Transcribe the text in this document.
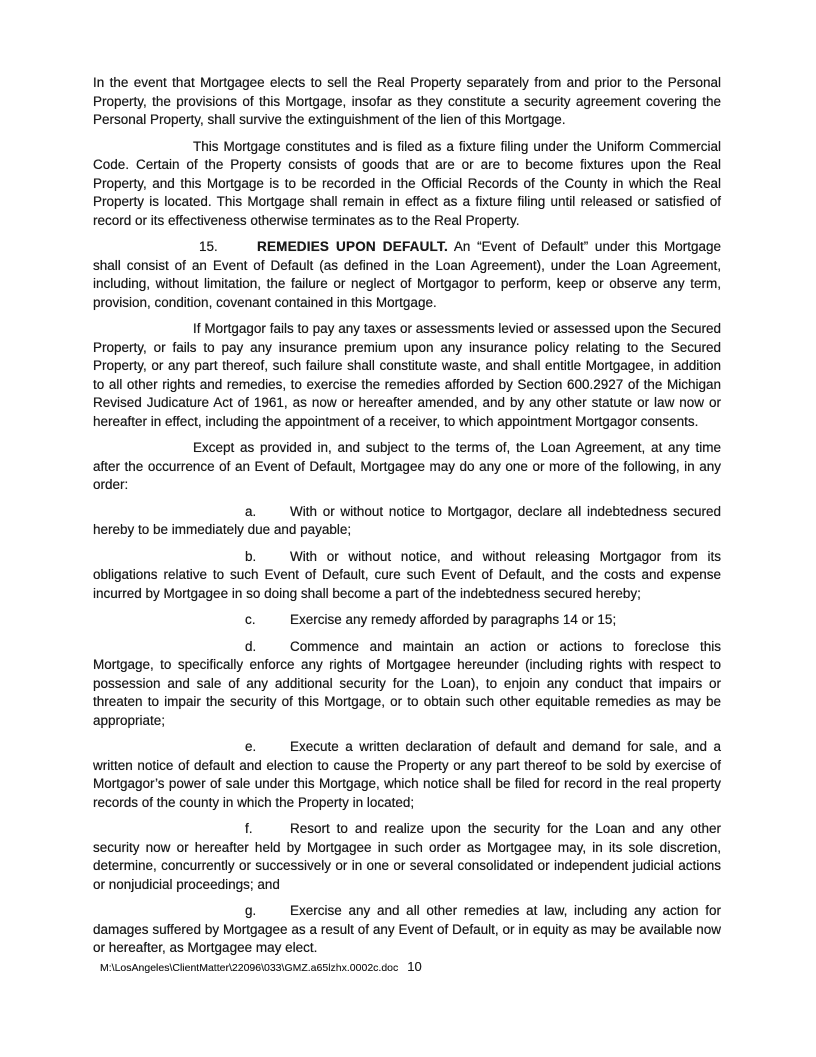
In the event that Mortgagee elects to sell the Real Property separately from and prior to the Personal Property, the provisions of this Mortgage, insofar as they constitute a security agreement covering the Personal Property, shall survive the extinguishment of the lien of this Mortgage.

This Mortgage constitutes and is filed as a fixture filing under the Uniform Commercial Code. Certain of the Property consists of goods that are or are to become fixtures upon the Real Property, and this Mortgage is to be recorded in the Official Records of the County in which the Real Property is located. This Mortgage shall remain in effect as a fixture filing until released or satisfied of record or its effectiveness otherwise terminates as to the Real Property.

15.	REMEDIES UPON DEFAULT. An “Event of Default” under this Mortgage shall consist of an Event of Default (as defined in the Loan Agreement), under the Loan Agreement, including, without limitation, the failure or neglect of Mortgagor to perform, keep or observe any term, provision, condition, covenant contained in this Mortgage.

If Mortgagor fails to pay any taxes or assessments levied or assessed upon the Secured Property, or fails to pay any insurance premium upon any insurance policy relating to the Secured Property, or any part thereof, such failure shall constitute waste, and shall entitle Mortgagee, in addition to all other rights and remedies, to exercise the remedies afforded by Section 600.2927 of the Michigan Revised Judicature Act of 1961, as now or hereafter amended, and by any other statute or law now or hereafter in effect, including the appointment of a receiver, to which appointment Mortgagor consents.

Except as provided in, and subject to the terms of, the Loan Agreement, at any time after the occurrence of an Event of Default, Mortgagee may do any one or more of the following, in any order:

a. With or without notice to Mortgagor, declare all indebtedness secured hereby to be immediately due and payable;

b. With or without notice, and without releasing Mortgagor from its obligations relative to such Event of Default, cure such Event of Default, and the costs and expense incurred by Mortgagee in so doing shall become a part of the indebtedness secured hereby;

c.	Exercise any remedy afforded by paragraphs 14 or 15;

d. Commence and maintain an action or actions to foreclose this Mortgage, to specifically enforce any rights of Mortgagee hereunder (including rights with respect to possession and sale of any additional security for the Loan), to enjoin any conduct that impairs or threaten to impair the security of this Mortgage, or to obtain such other equitable remedies as may be appropriate;

e. Execute a written declaration of default and demand for sale, and a written notice of default and election to cause the Property or any part thereof to be sold by exercise of Mortgagor’s power of sale under this Mortgage, which notice shall be filed for record in the real property records of the county in which the Property in located;

f.	Resort to and realize upon the security for the Loan and any other security now or hereafter held by Mortgagee in such order as Mortgagee may, in its sole discretion, determine, concurrently or successively or in one or several consolidated or independent judicial actions or nonjudicial proceedings; and

g. Exercise any and all other remedies at law, including any action for damages suffered by Mortgagee as a result of any Event of Default, or in equity as may be available now or hereafter, as Mortgagee may elect.

M:\LosAngeles\ClientMatter\22096\033\GMZ.a65lzhx.0002c.doc 10
